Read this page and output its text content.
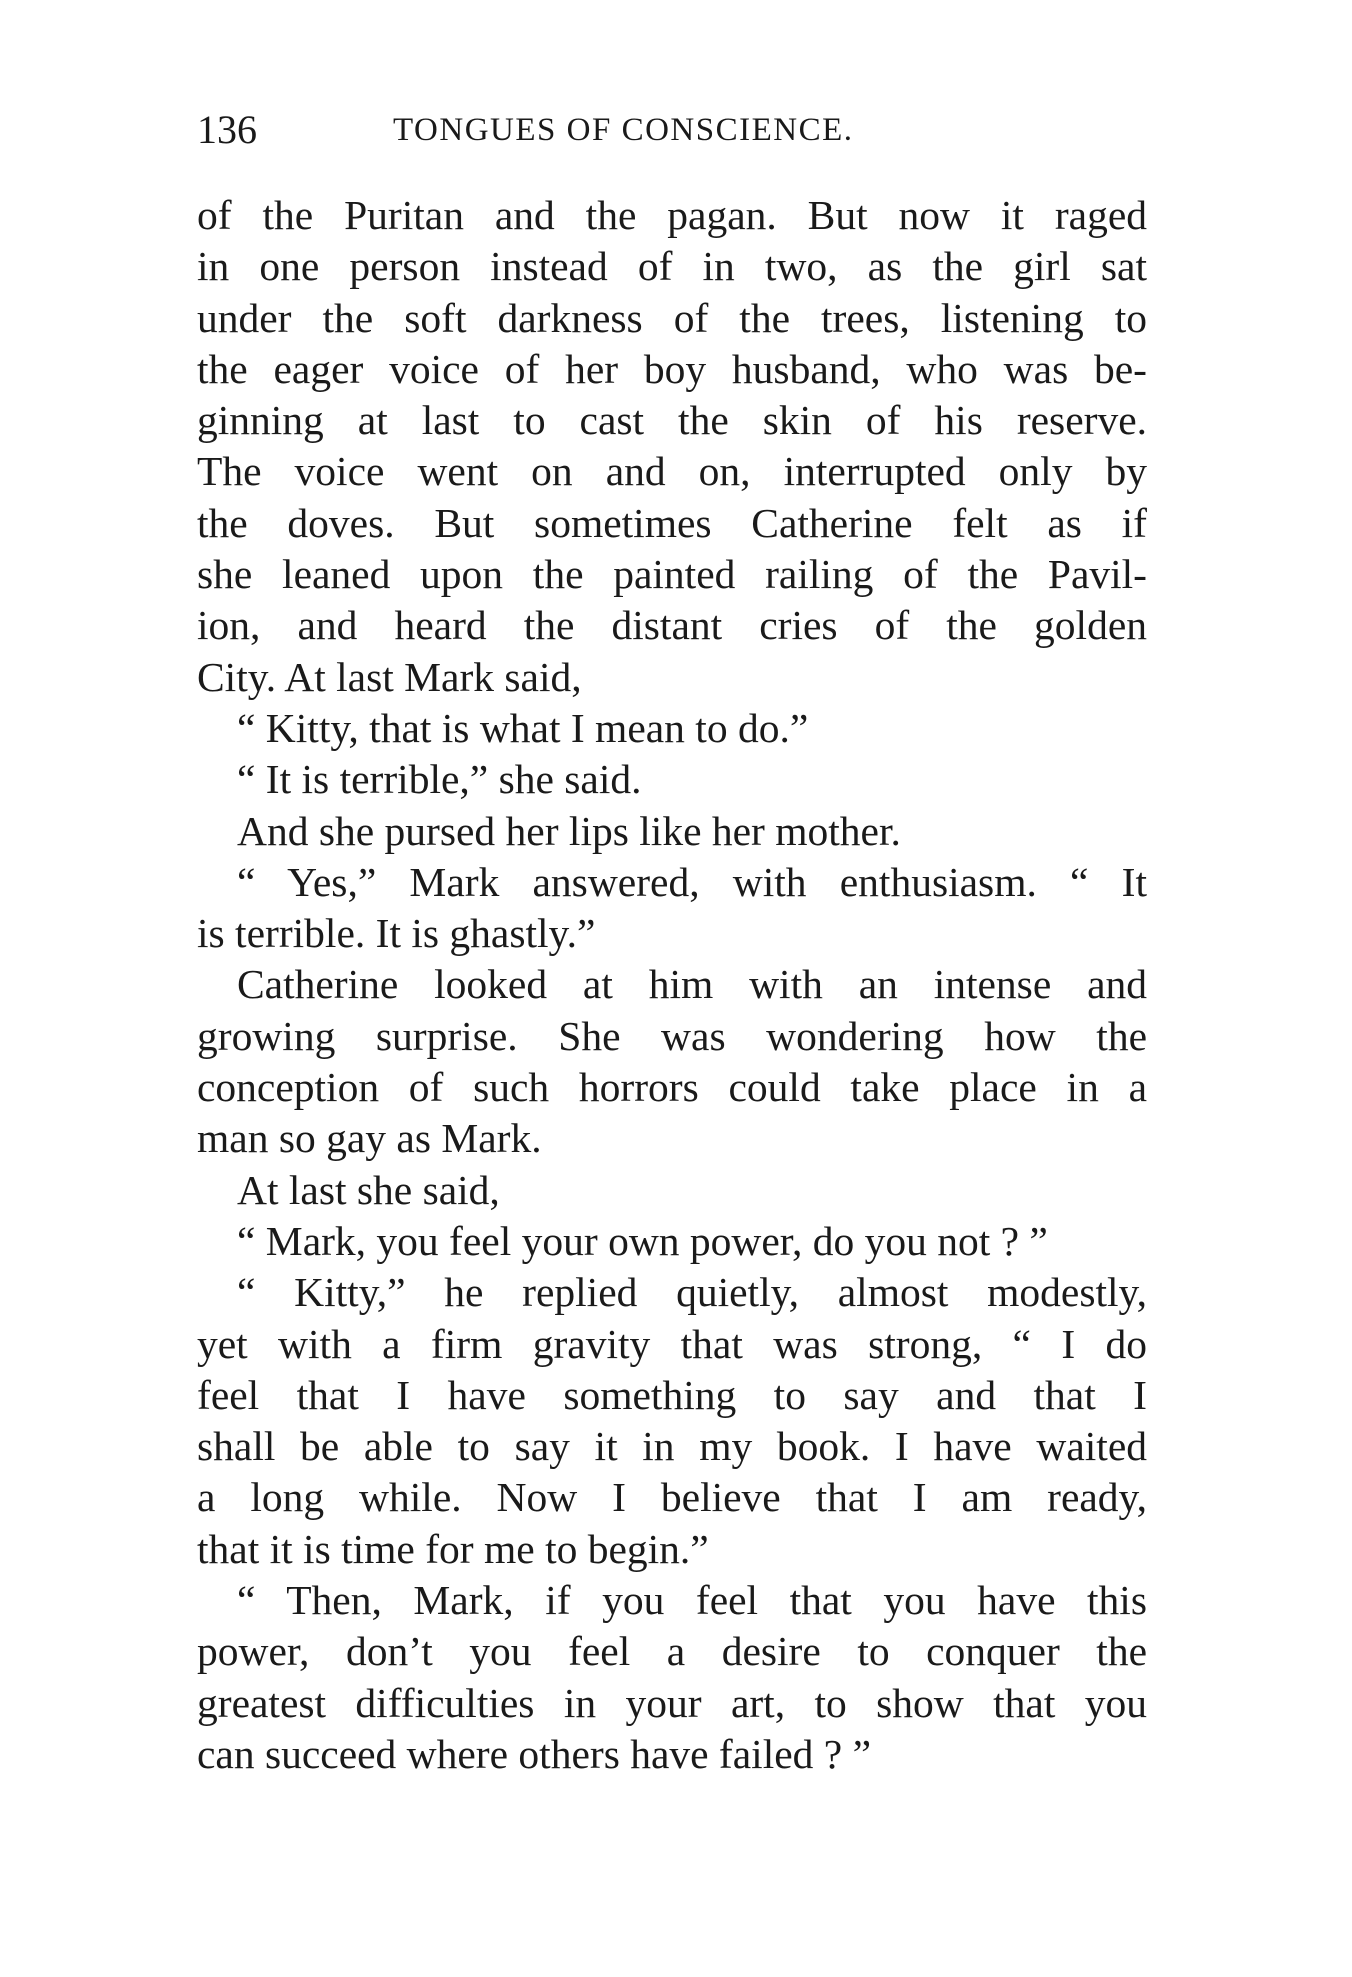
136	TONGUES OF CONSCIENCE.
of the Puritan and the pagan. But now it raged
in one person instead of in two, as the girl sat
under the soft darkness of the trees, listening to
the eager voice of her boy husband, who was be-
ginning at last to cast the skin of his reserve.
The voice went on and on, interrupted only by
the doves. But sometimes Catherine felt as if
she leaned upon the painted railing of the Pavil-
ion, and heard the distant cries of the golden
City. At last Mark said,
“ Kitty, that is what I mean to do.”
“ It is terrible,” she said.
And she pursed her lips like her mother.
“ Yes,” Mark answered, with enthusiasm. “ It
is terrible. It is ghastly.”
Catherine looked at him with an intense and
growing surprise. She was wondering how the
conception of such horrors could take place in a
man so gay as Mark.
At last she said,
“ Mark, you feel your own power, do you not ? ”
“ Kitty,” he replied quietly, almost modestly,
yet with a firm gravity that was strong, “ I do
feel that I have something to say and that I
shall be able to say it in my book. I have waited
a long while. Now I believe that I am ready,
that it is time for me to begin.”
“ Then, Mark, if you feel that you have this
power, don’t you feel a desire to conquer the
greatest difficulties in your art, to show that you
can succeed where others have failed ? ”
